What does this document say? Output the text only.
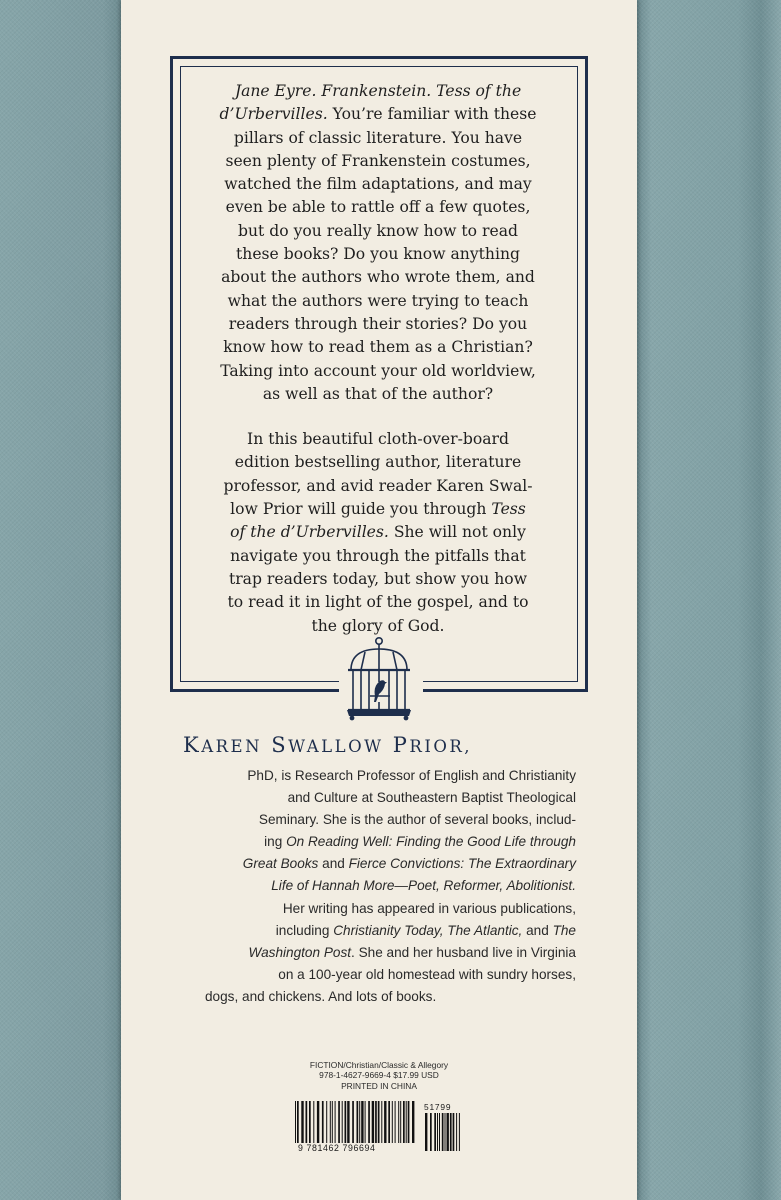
Jane Eyre. Frankenstein. Tess of the
d’Urbervilles. You’re familiar with these
pillars of classic literature. You have
seen plenty of Frankenstein costumes,
watched the film adaptations, and may
even be able to rattle off a few quotes,
but do you really know how to read
these books? Do you know anything
about the authors who wrote them, and
what the authors were trying to teach
readers through their stories? Do you
know how to read them as a Christian?
Taking into account your old worldview,
as well as that of the author?

In this beautiful cloth-over-board
edition bestselling author, literature
professor, and avid reader Karen Swal-
low Prior will guide you through Tess
of the d’Urbervilles. She will not only
navigate you through the pitfalls that
trap readers today, but show you how
to read it in light of the gospel, and to
the glory of God.

KAREN SWALLOW PRIOR,
PhD, is Research Professor of English and Christianity
and Culture at Southeastern Baptist Theological
Seminary. She is the author of several books, includ-
ing On Reading Well: Finding the Good Life through
Great Books and Fierce Convictions: The Extraordinary
Life of Hannah More—Poet, Reformer, Abolitionist.
Her writing has appeared in various publications,
including Christianity Today, The Atlantic, and The
Washington Post. She and her husband live in Virginia
on a 100-year old homestead with sundry horses,
dogs, and chickens. And lots of books.
FICTION/Christian/Classic & Allegory
978-1-4627-9669-4 $17.99 USD
PRINTED IN CHINA
9 781462 796694
51799
